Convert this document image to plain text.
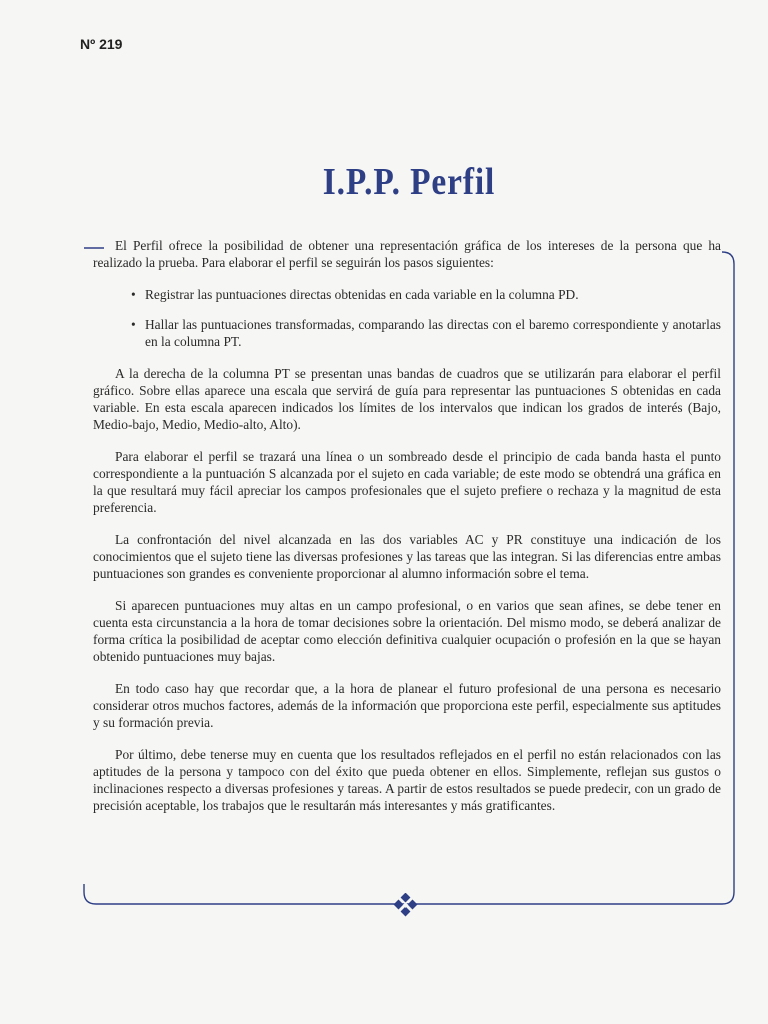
Nº 219
I.P.P. Perfil

El Perfil ofrece la posibilidad de obtener una representación gráfica de los intereses de la persona que ha realizado la prueba. Para elaborar el perfil se seguirán los pasos siguientes:

• Registrar las puntuaciones directas obtenidas en cada variable en la columna PD.
• Hallar las puntuaciones transformadas, comparando las directas con el baremo correspondiente y anotarlas en la columna PT.

A la derecha de la columna PT se presentan unas bandas de cuadros que se utilizarán para elaborar el perfil gráfico. Sobre ellas aparece una escala que servirá de guía para representar las puntuaciones S obtenidas en cada variable. En esta escala aparecen indicados los límites de los intervalos que indican los grados de interés (Bajo, Medio-bajo, Medio, Medio-alto, Alto).

Para elaborar el perfil se trazará una línea o un sombreado desde el principio de cada banda hasta el punto correspondiente a la puntuación S alcanzada por el sujeto en cada variable; de este modo se obtendrá una gráfica en la que resultará muy fácil apreciar los campos profesionales que el sujeto prefiere o rechaza y la magnitud de esta preferencia.

La confrontación del nivel alcanzada en las dos variables AC y PR constituye una indicación de los conocimientos que el sujeto tiene las diversas profesiones y las tareas que las integran. Si las diferencias entre ambas puntuaciones son grandes es conveniente proporcionar al alumno información sobre el tema.

Si aparecen puntuaciones muy altas en un campo profesional, o en varios que sean afines, se debe tener en cuenta esta circunstancia a la hora de tomar decisiones sobre la orientación. Del mismo modo, se deberá analizar de forma crítica la posibilidad de aceptar como elección definitiva cualquier ocupación o profesión en la que se hayan obtenido puntuaciones muy bajas.

En todo caso hay que recordar que, a la hora de planear el futuro profesional de una persona es necesario considerar otros muchos factores, además de la información que proporciona este perfil, especialmente sus aptitudes y su formación previa.

Por último, debe tenerse muy en cuenta que los resultados reflejados en el perfil no están relacionados con las aptitudes de la persona y tampoco con del éxito que pueda obtener en ellos. Simplemente, reflejan sus gustos o inclinaciones respecto a diversas profesiones y tareas. A partir de estos resultados se puede predecir, con un grado de precisión aceptable, los trabajos que le resultarán más interesantes y más gratificantes.
